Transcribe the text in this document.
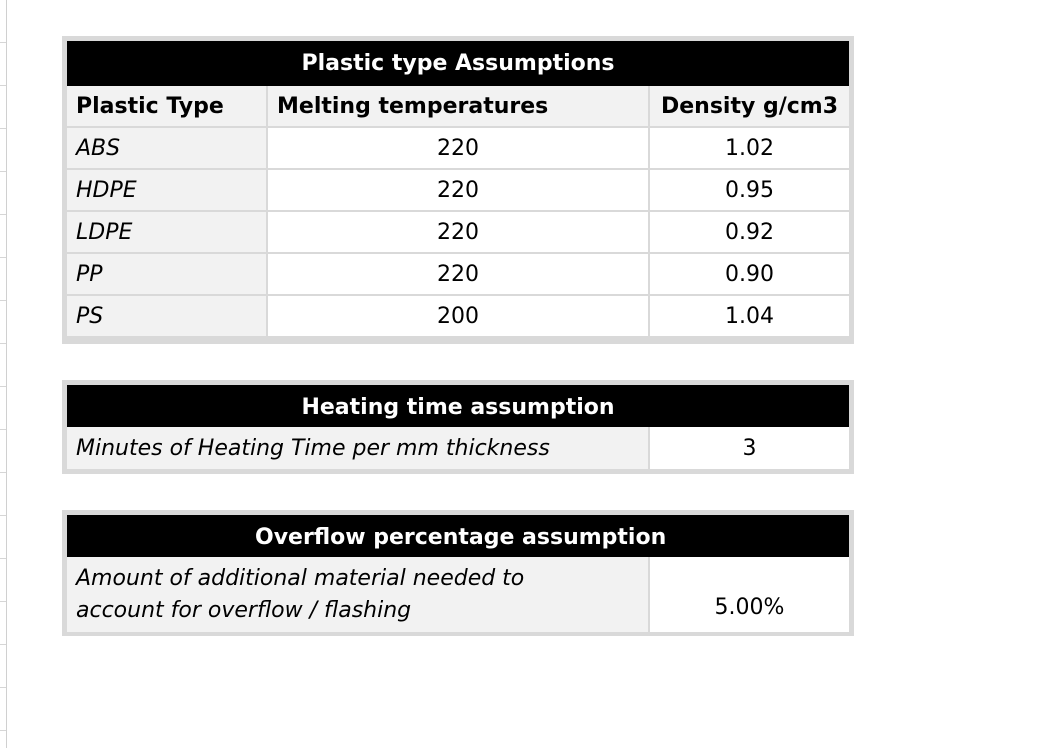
Plastic type Assumptions
Plastic Type	Melting temperatures	Density g/cm3
ABS	220	1.02
HDPE	220	0.95
LDPE	220	0.92
PP	220	0.90
PS	200	1.04
Heating time assumption
Minutes of Heating Time per mm thickness	3
Overflow percentage assumption
Amount of additional material needed to
account for overflow / flashing	5.00%
